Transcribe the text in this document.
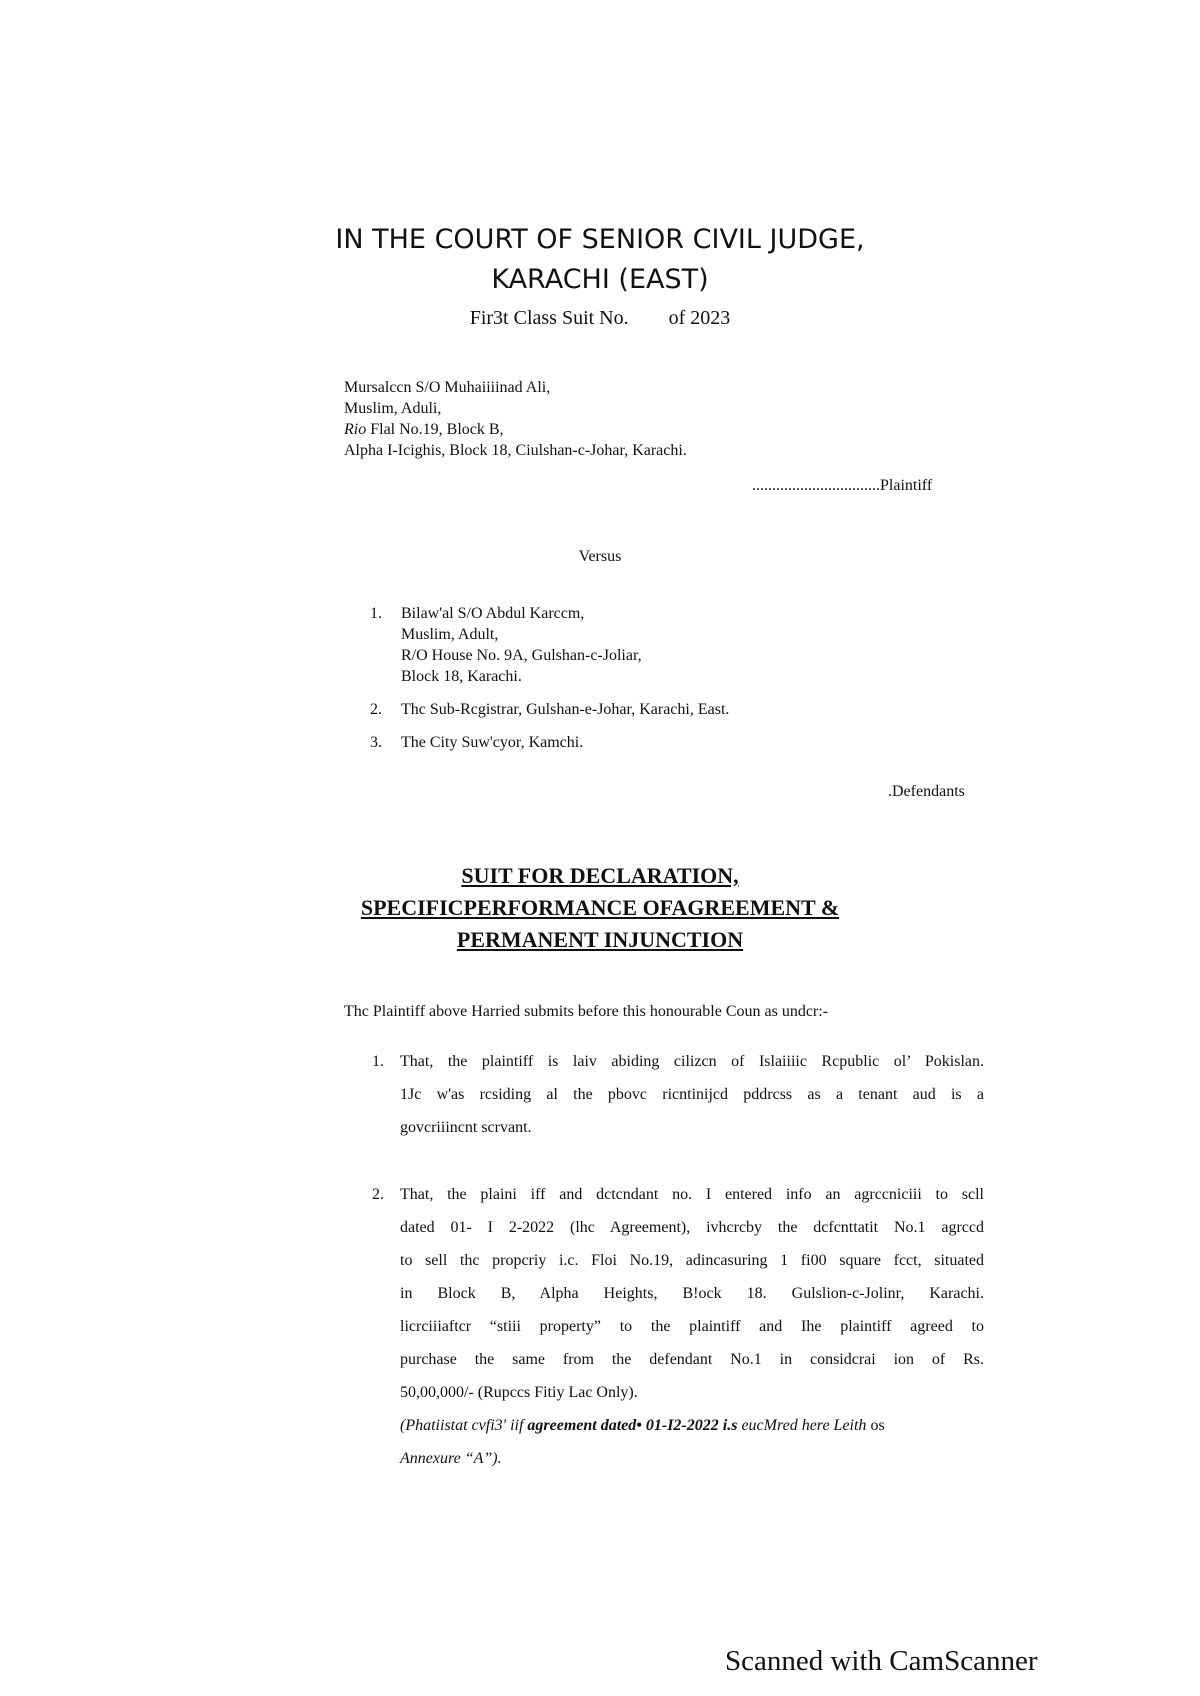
IN THE COURT OF SENIOR CIVIL JUDGE,
KARACHI (EAST)
Fir3t Class Suit No. of 2023
Mursalccn S/O Muhaiiiinad Ali,
Muslim, Aduli,
Rio Flal No.19, Block B,
Alpha I-Icighis, Block 18, Ciulshan-c-Johar, Karachi.
................................Plaintiff
Versus
1. Bilaw'al S/O Abdul Karccm,
Muslim, Adult,
R/O House No. 9A, Gulshan-c-Joliar,
Block 18, Karachi.
2. Thc Sub-Rcgistrar, Gulshan-e-Johar, Karachi, East.
3. The City Suw'cyor, Kamchi.
.Defendants
SUIT FOR DECLARATION,
SPECIFICPERFORMANCE OFAGREEMENT &
PERMANENT INJUNCTION
Thc Plaintiff above Harried submits before this honourable Coun as undcr:-
1. That, the plaintiff is laiv abiding cilizcn of Islaiiiic Rcpublic ol’ Pokislan.
1Jc w'as rcsiding al the pbovc ricntinijcd pddrcss as a tenant aud is a
govcriiincnt scrvant.
2. That, the plaini iff and dctcndant no. I entered info an agrccniciii to scll
dated 01- I 2-2022 (lhc Agreement), ivhcrcby the dcfcnttatit No.1 agrccd
to sell thc propcriy i.c. Floi No.19, adincasuring 1 fi00 square fcct, situated
in Block B, Alpha Heights, B!ock 18. Gulslion-c-Jolinr, Karachi.
licrciiiaftcr “stiii property” to the plaintiff and Ihe plaintiff agreed to
purchase the same from the defendant No.1 in considcrai ion of Rs.
50,00,000/- (Rupccs Fitiy Lac Only).
(Phatiistat cvfi3' iif agreement dated• 01-I2-2022 i.s eucMred here Leith os
Annexure “A”).
Scanned with CamScanner
